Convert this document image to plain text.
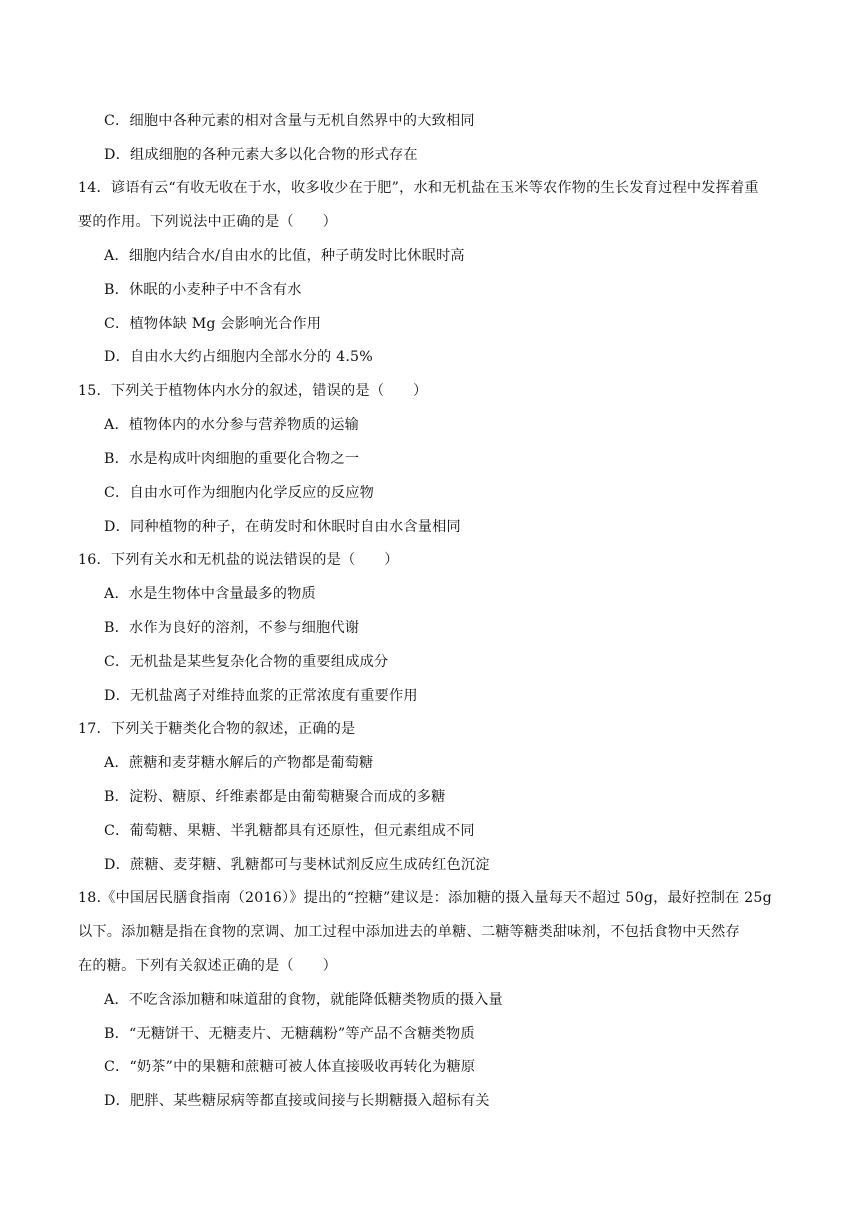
C．细胞中各种元素的相对含量与无机自然界中的大致相同
D．组成细胞的各种元素大多以化合物的形式存在
14．谚语有云“有收无收在于水，收多收少在于肥”，水和无机盐在玉米等农作物的生长发育过程中发挥着重
要的作用。下列说法中正确的是（　　）
A．细胞内结合水/自由水的比值，种子萌发时比休眠时高
B．休眠的小麦种子中不含有水
C．植物体缺 Mg 会影响光合作用
D．自由水大约占细胞内全部水分的 4.5%
15．下列关于植物体内水分的叙述，错误的是（　　）
A．植物体内的水分参与营养物质的运输
B．水是构成叶肉细胞的重要化合物之一
C．自由水可作为细胞内化学反应的反应物
D．同种植物的种子，在萌发时和休眠时自由水含量相同
16．下列有关水和无机盐的说法错误的是（　　）
A．水是生物体中含量最多的物质
B．水作为良好的溶剂，不参与细胞代谢
C．无机盐是某些复杂化合物的重要组成成分
D．无机盐离子对维持血浆的正常浓度有重要作用
17．下列关于糖类化合物的叙述，正确的是
A．蔗糖和麦芽糖水解后的产物都是葡萄糖
B．淀粉、糖原、纤维素都是由葡萄糖聚合而成的多糖
C．葡萄糖、果糖、半乳糖都具有还原性，但元素组成不同
D．蔗糖、麦芽糖、乳糖都可与斐林试剂反应生成砖红色沉淀
18.《中国居民膳食指南（2016）》提出的“控糖”建议是：添加糖的摄入量每天不超过 50g，最好控制在 25g
以下。添加糖是指在食物的烹调、加工过程中添加进去的单糖、二糖等糖类甜味剂，不包括食物中天然存
在的糖。下列有关叙述正确的是（　　）
A．不吃含添加糖和味道甜的食物，就能降低糖类物质的摄入量
B．“无糖饼干、无糖麦片、无糖藕粉”等产品不含糖类物质
C．“奶茶”中的果糖和蔗糖可被人体直接吸收再转化为糖原
D．肥胖、某些糖尿病等都直接或间接与长期糖摄入超标有关
